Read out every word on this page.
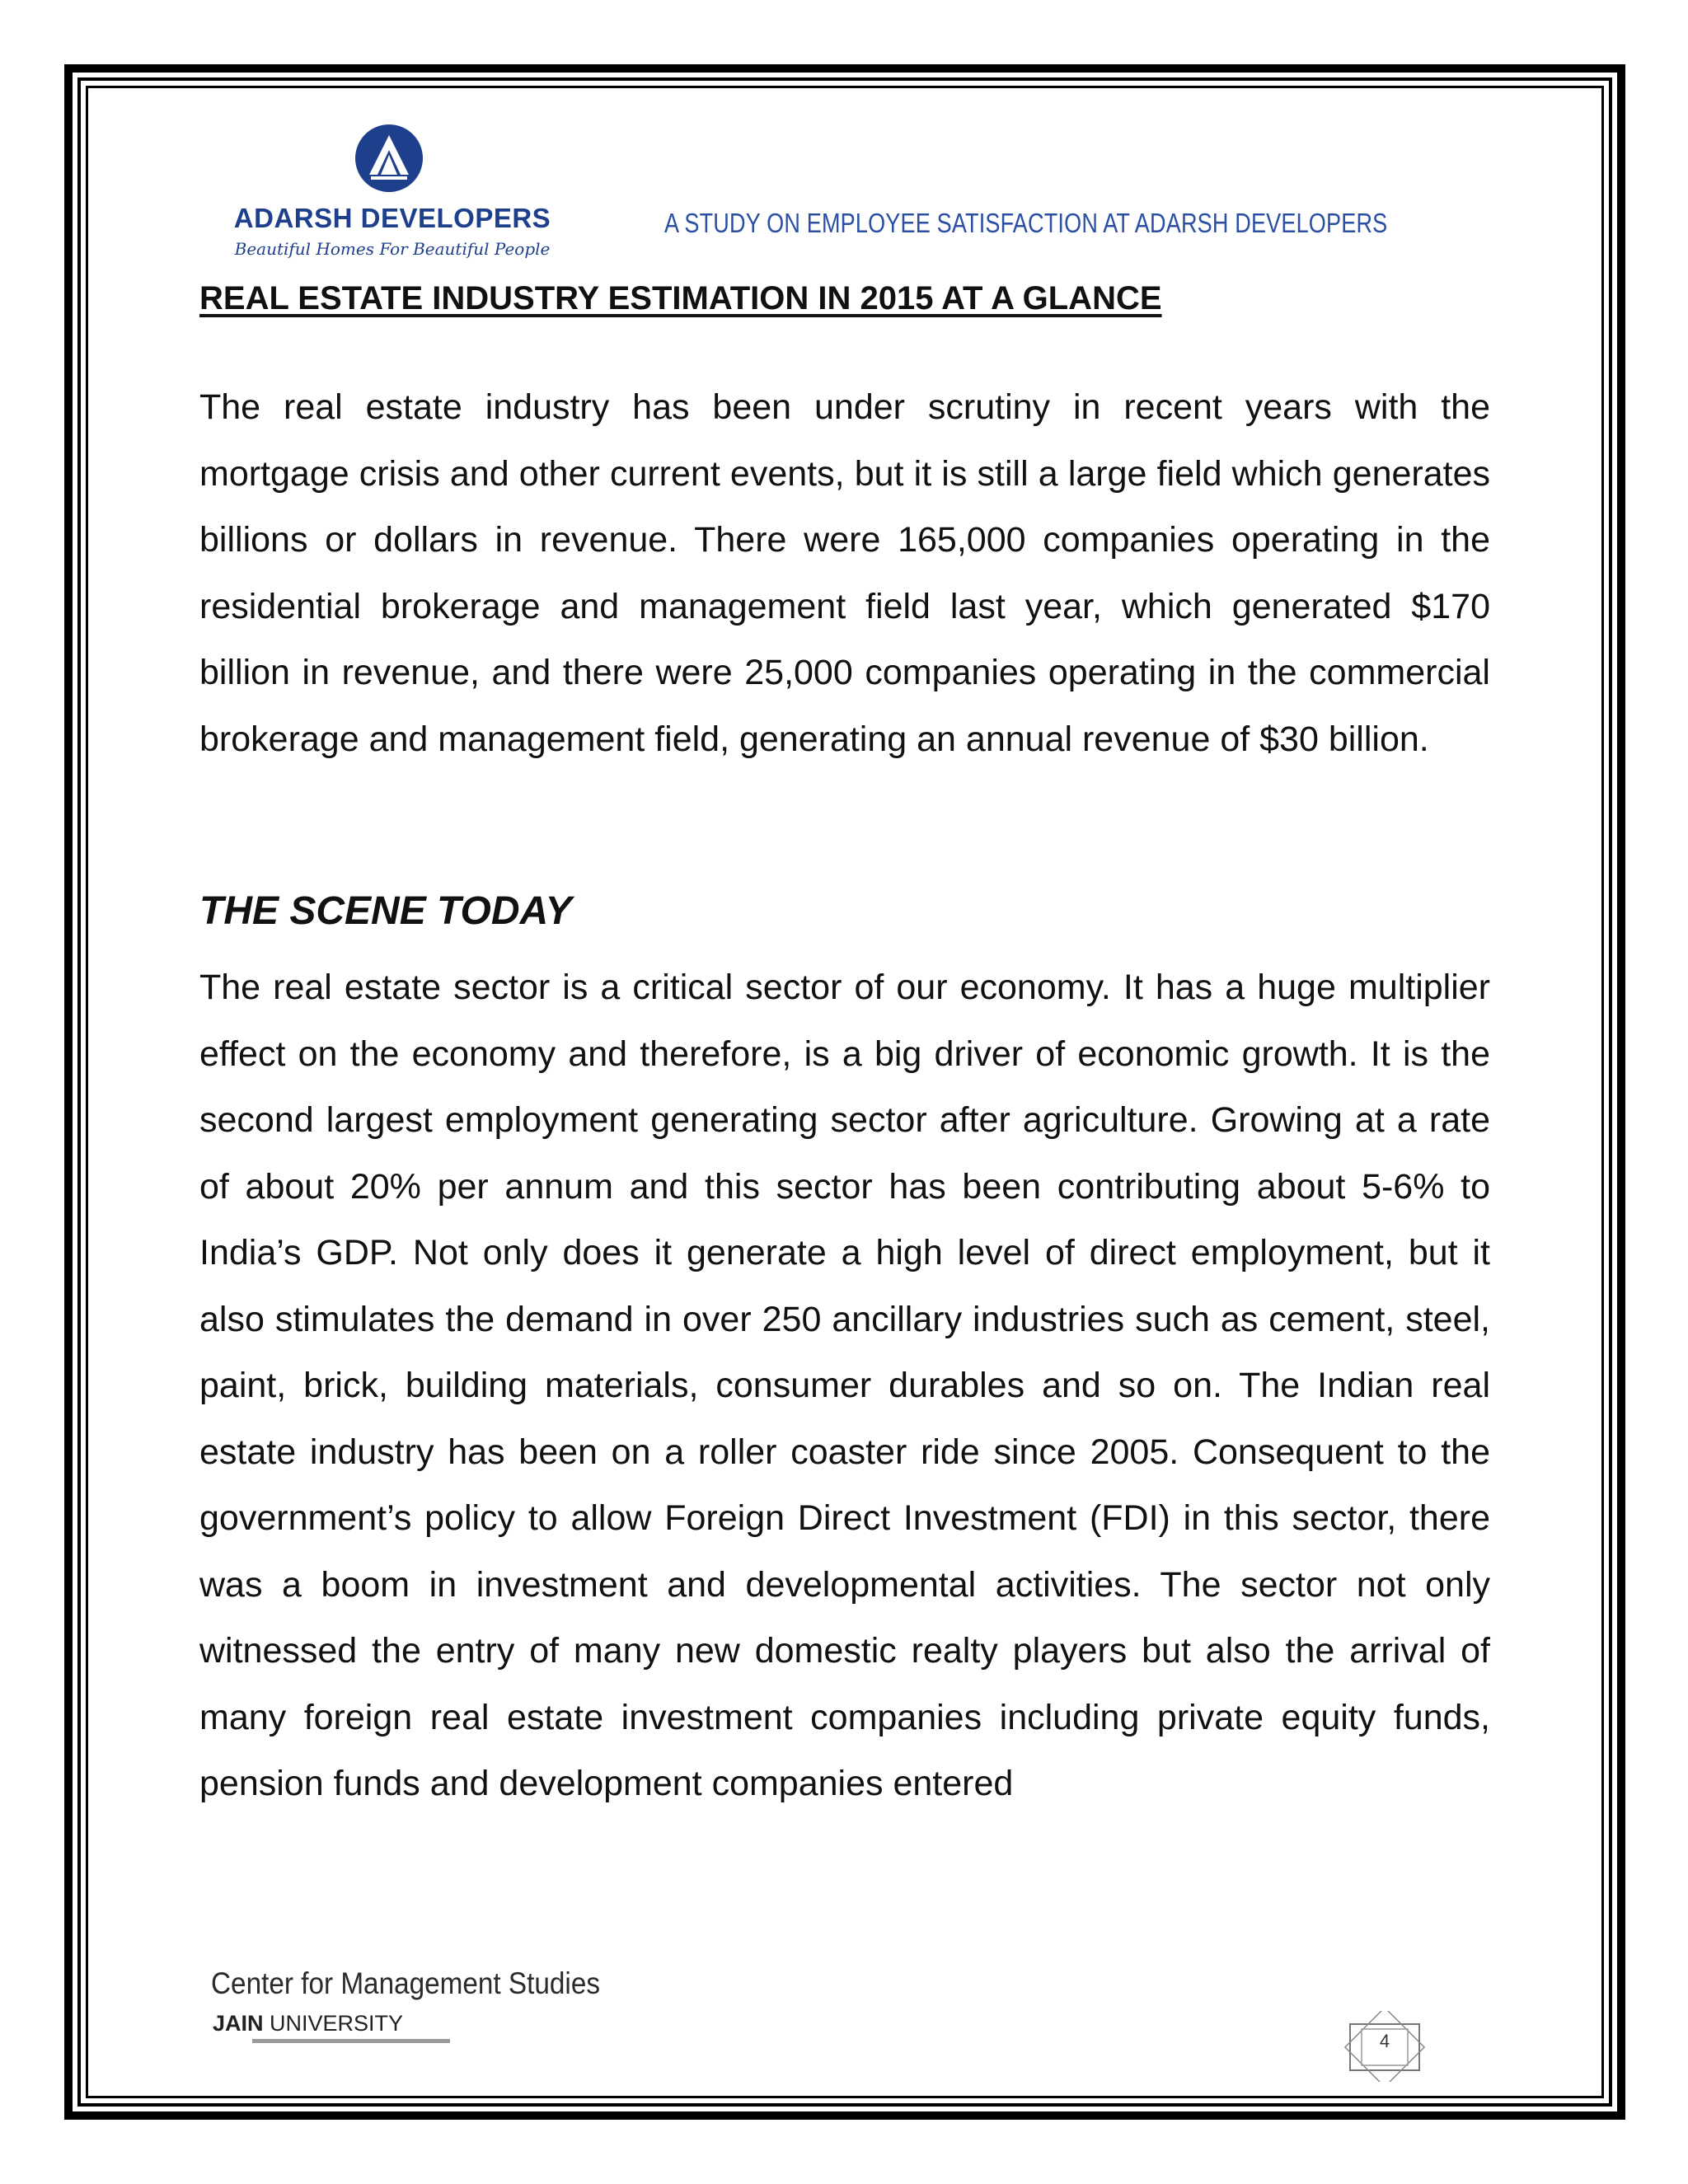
ADARSH DEVELOPERS
Beautiful Homes For Beautiful People
A STUDY ON EMPLOYEE SATISFACTION AT ADARSH DEVELOPERS
REAL ESTATE INDUSTRY ESTIMATION IN 2015 AT A GLANCE

The real estate industry has been under scrutiny in recent years with the mortgage crisis and other current events, but it is still a large field which generates billions or dollars in revenue. There were 165,000 companies operating in the residential brokerage and management field last year, which generated $170 billion in revenue, and there were 25,000 companies operating in the commercial brokerage and management field, generating an annual revenue of $30 billion.

THE SCENE TODAY

The real estate sector is a critical sector of our economy. It has a huge multiplier effect on the economy and therefore, is a big driver of economic growth. It is the second largest employment generating sector after agriculture. Growing at a rate of about 20% per annum and this sector has been contributing about 5-6% to India’s GDP. Not only does it generate a high level of direct employment, but it also stimulates the demand in over 250 ancillary industries such as cement, steel, paint, brick, building materials, consumer durables and so on. The Indian real estate industry has been on a roller coaster ride since 2005. Consequent to the government’s policy to allow Foreign Direct Investment (FDI) in this sector, there was a boom in investment and developmental activities. The sector not only witnessed the entry of many new domestic realty players but also the arrival of many foreign real estate investment companies including private equity funds, pension funds and development companies entered

Center for Management Studies
JAIN UNIVERSITY
4
